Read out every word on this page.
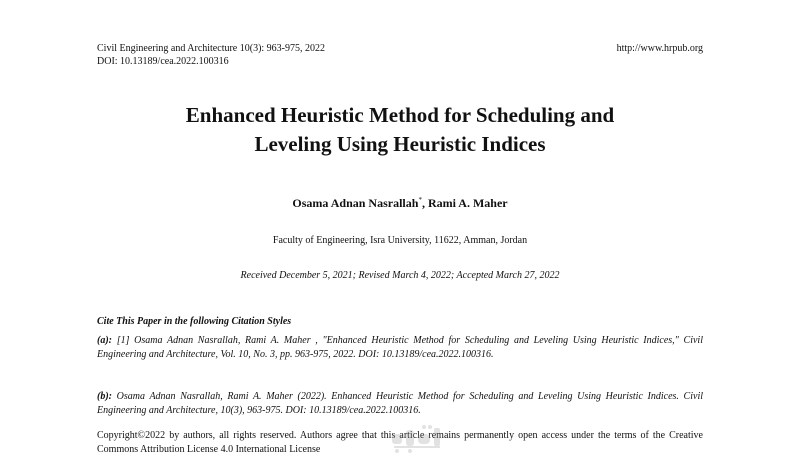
Civil Engineering and Architecture 10(3): 963-975, 2022
DOI: 10.13189/cea.2022.100316
http://www.hrpub.org
Enhanced Heuristic Method for Scheduling and
Leveling Using Heuristic Indices
Osama Adnan Nasrallah*, Rami A. Maher
Faculty of Engineering, Isra University, 11622, Amman, Jordan
Received December 5, 2021; Revised March 4, 2022; Accepted March 27, 2022
Cite This Paper in the following Citation Styles
(a): [1] Osama Adnan Nasrallah, Rami A. Maher , "Enhanced Heuristic Method for Scheduling and Leveling Using Heuristic Indices," Civil Engineering and Architecture, Vol. 10, No. 3, pp. 963-975, 2022. DOI: 10.13189/cea.2022.100316.
(b): Osama Adnan Nasrallah, Rami A. Maher (2022). Enhanced Heuristic Method for Scheduling and Leveling Using Heuristic Indices. Civil Engineering and Architecture, 10(3), 963-975. DOI: 10.13189/cea.2022.100316.
Copyright©2022 by authors, all rights reserved. Authors agree that this article remains permanently open access under the terms of the Creative Commons Attribution License 4.0 International License
